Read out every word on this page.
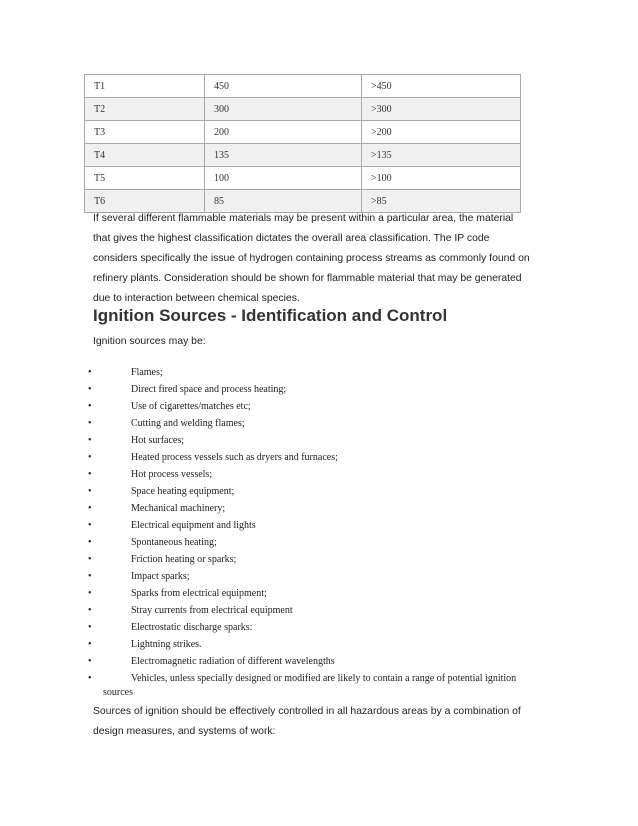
T1	450	>450
T2	300	>300
T3	200	>200
T4	135	>135
T5	100	>100
T6	85	>85
If several different flammable materials may be present within a particular area, the material that gives the highest classification dictates the overall area classification. The IP code considers specifically the issue of hydrogen containing process streams as commonly found on refinery plants. Consideration should be shown for flammable material that may be generated due to interaction between chemical species.
Ignition Sources - Identification and Control
Ignition sources may be:
•	Flames;
•	Direct fired space and process heating;
•	Use of cigarettes/matches etc;
•	Cutting and welding flames;
•	Hot surfaces;
•	Heated process vessels such as dryers and furnaces;
•	Hot process vessels;
•	Space heating equipment;
•	Mechanical machinery;
•	Electrical equipment and lights
•	Spontaneous heating;
•	Friction heating or sparks;
•	Impact sparks;
•	Sparks from electrical equipment;
•	Stray currents from electrical equipment
•	Electrostatic discharge sparks:
•	Lightning strikes.
•	Electromagnetic radiation of different wavelengths
•	Vehicles, unless specially designed or modified are likely to contain a range of potential ignition
sources
Sources of ignition should be effectively controlled in all hazardous areas by a combination of design measures, and systems of work:
